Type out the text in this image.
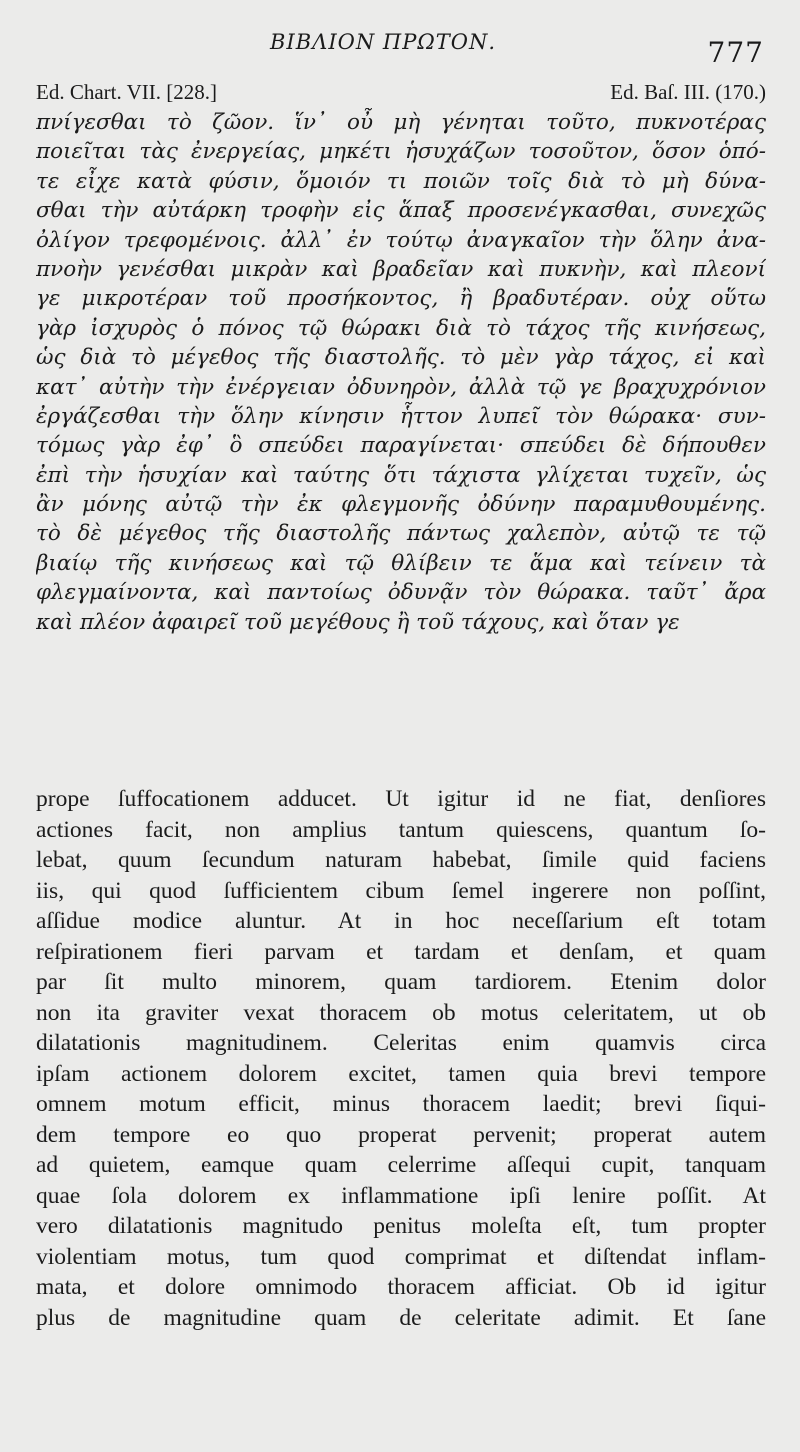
ΒΙΒΛΙΟΝ ΠΡΩΤΟΝ.	777
Ed. Chart. VII. [228.]	Ed. Baſ. III. (170.)
πνίγεσθαι τὸ ζῶον. ἵν᾽ οὖ μὴ γένηται τοῦτο, πυκνοτέρας
ποιεῖται τὰς ἐνεργείας, μηκέτι ἡσυχάζων τοσοῦτον, ὅσον ὁπό-
τε εἶχε κατὰ φύσιν, ὅμοιόν τι ποιῶν τοῖς διὰ τὸ μὴ δύνα-
σθαι τὴν αὐτάρκη τροφὴν εἰς ἅπαξ προσενέγκασθαι, συνεχῶς
ὀλίγον τρεφομένοις. ἀλλ᾽ ἐν τούτῳ ἀναγκαῖον τὴν ὅλην ἀνα-
πνοὴν γενέσθαι μικρὰν καὶ βραδεῖαν καὶ πυκνὴν, καὶ πλεονί
γε μικροτέραν τοῦ προσήκοντος, ἢ βραδυτέραν. οὐχ οὕτω
γὰρ ἰσχυρὸς ὁ πόνος τῷ θώρακι διὰ τὸ τάχος τῆς κινήσεως,
ὡς διὰ τὸ μέγεθος τῆς διαστολῆς. τὸ μὲν γὰρ τάχος, εἰ καὶ
κατ᾽ αὐτὴν τὴν ἐνέργειαν ὀδυνηρὸν, ἀλλὰ τῷ γε βραχυχρόνιον
ἐργάζεσθαι τὴν ὅλην κίνησιν ἧττον λυπεῖ τὸν θώρακα· συν-
τόμως γὰρ ἐφ᾽ ὃ σπεύδει παραγίνεται· σπεύδει δὲ δήπουθεν
ἐπὶ τὴν ἡσυχίαν καὶ ταύτης ὅτι τάχιστα γλίχεται τυχεῖν, ὡς
ἂν μόνης αὐτῷ τὴν ἐκ φλεγμονῆς ὀδύνην παραμυθουμένης.
τὸ δὲ μέγεθος τῆς διαστολῆς πάντως χαλεπὸν, αὐτῷ τε τῷ
βιαίῳ τῆς κινήσεως καὶ τῷ θλίβειν τε ἅμα καὶ τείνειν τὰ
φλεγμαίνοντα, καὶ παντοίως ὀδυνᾷν τὸν θώρακα. ταῦτ᾽ ἄρα
καὶ πλέον ἀφαιρεῖ τοῦ μεγέθους ἢ τοῦ τάχους, καὶ ὅταν γε
prope ſuffocationem adducet. Ut igitur id ne fiat, denſiores
actiones facit, non amplius tantum quiescens, quantum ſo-
lebat, quum ſecundum naturam habebat, ſimile quid faciens
iis, qui quod ſufficientem cibum ſemel ingerere non poſſint,
aſſidue modice aluntur. At in hoc neceſſarium eſt totam
reſpirationem fieri parvam et tardam et denſam, et quam
par ſit multo minorem, quam tardiorem. Etenim dolor
non ita graviter vexat thoracem ob motus celeritatem, ut ob
dilatationis magnitudinem. Celeritas enim quamvis circa
ipſam actionem dolorem excitet, tamen quia brevi tempore
omnem motum efficit, minus thoracem laedit; brevi ſiqui-
dem tempore eo quo properat pervenit; properat autem
ad quietem, eamque quam celerrime aſſequi cupit, tanquam
quae ſola dolorem ex inflammatione ipſi lenire poſſit. At
vero dilatationis magnitudo penitus moleſta eſt, tum propter
violentiam motus, tum quod comprimat et diſtendat inflam-
mata, et dolore omnimodo thoracem afficiat. Ob id igitur
plus de magnitudine quam de celeritate adimit. Et ſane
